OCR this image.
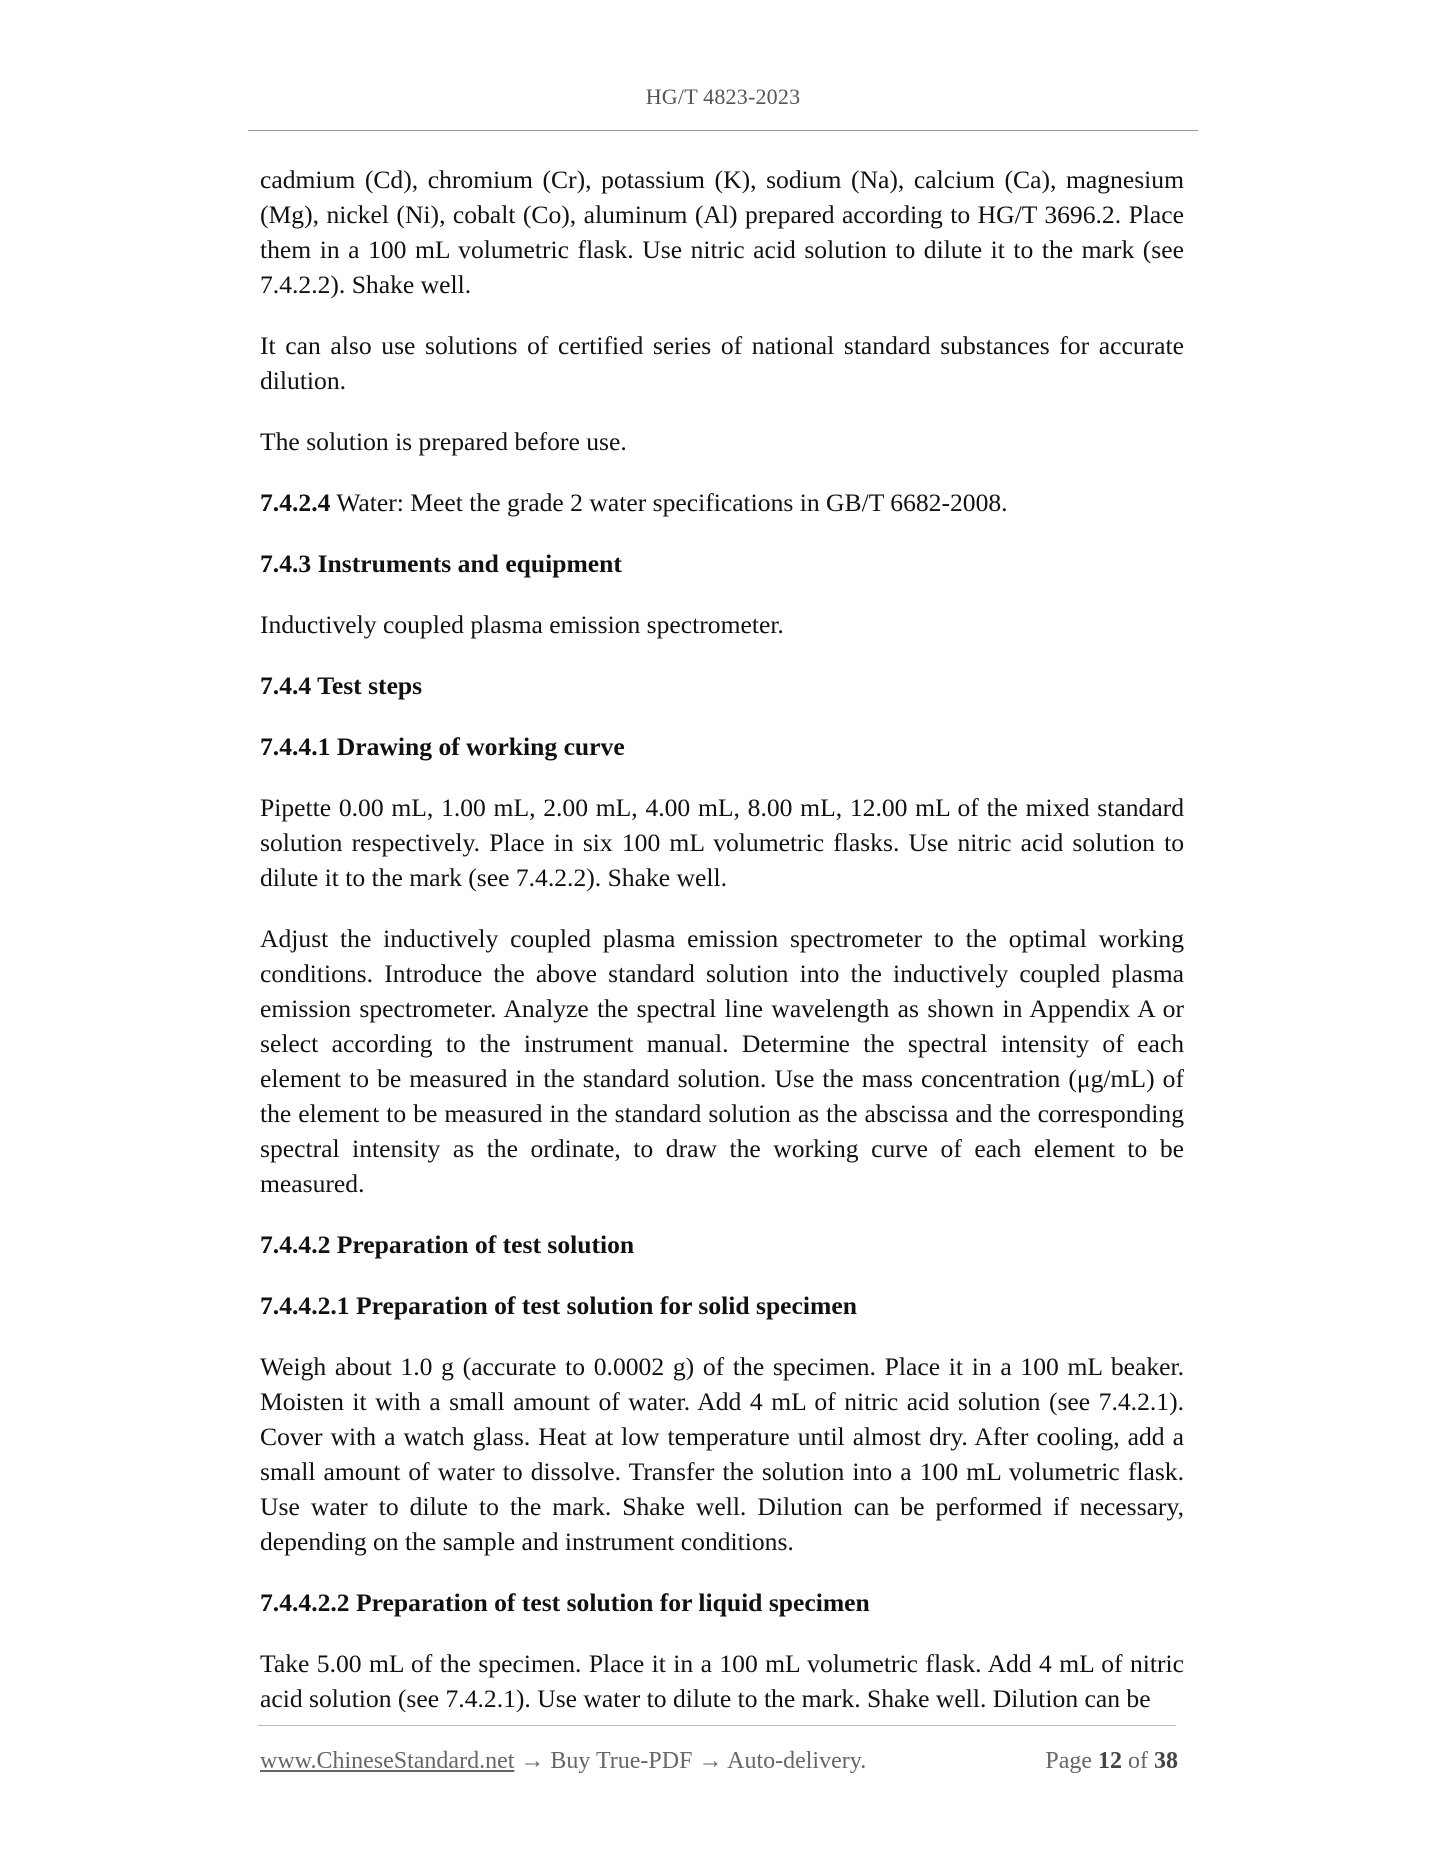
HG/T 4823-2023

cadmium (Cd), chromium (Cr), potassium (K), sodium (Na), calcium (Ca), magnesium (Mg), nickel (Ni), cobalt (Co), aluminum (Al) prepared according to HG/T 3696.2. Place them in a 100 mL volumetric flask. Use nitric acid solution to dilute it to the mark (see 7.4.2.2). Shake well.

It can also use solutions of certified series of national standard substances for accurate dilution.

The solution is prepared before use.

7.4.2.4 Water: Meet the grade 2 water specifications in GB/T 6682-2008.

7.4.3 Instruments and equipment

Inductively coupled plasma emission spectrometer.

7.4.4 Test steps

7.4.4.1 Drawing of working curve

Pipette 0.00 mL, 1.00 mL, 2.00 mL, 4.00 mL, 8.00 mL, 12.00 mL of the mixed standard solution respectively. Place in six 100 mL volumetric flasks. Use nitric acid solution to dilute it to the mark (see 7.4.2.2). Shake well.

Adjust the inductively coupled plasma emission spectrometer to the optimal working conditions. Introduce the above standard solution into the inductively coupled plasma emission spectrometer. Analyze the spectral line wavelength as shown in Appendix A or select according to the instrument manual. Determine the spectral intensity of each element to be measured in the standard solution. Use the mass concentration (μg/mL) of the element to be measured in the standard solution as the abscissa and the corresponding spectral intensity as the ordinate, to draw the working curve of each element to be measured.

7.4.4.2 Preparation of test solution

7.4.4.2.1 Preparation of test solution for solid specimen

Weigh about 1.0 g (accurate to 0.0002 g) of the specimen. Place it in a 100 mL beaker. Moisten it with a small amount of water. Add 4 mL of nitric acid solution (see 7.4.2.1). Cover with a watch glass. Heat at low temperature until almost dry. After cooling, add a small amount of water to dissolve. Transfer the solution into a 100 mL volumetric flask. Use water to dilute to the mark. Shake well. Dilution can be performed if necessary, depending on the sample and instrument conditions.

7.4.4.2.2 Preparation of test solution for liquid specimen

Take 5.00 mL of the specimen. Place it in a 100 mL volumetric flask. Add 4 mL of nitric acid solution (see 7.4.2.1). Use water to dilute to the mark. Shake well. Dilution can be

www.ChineseStandard.net → Buy True-PDF → Auto-delivery.	Page 12 of 38
